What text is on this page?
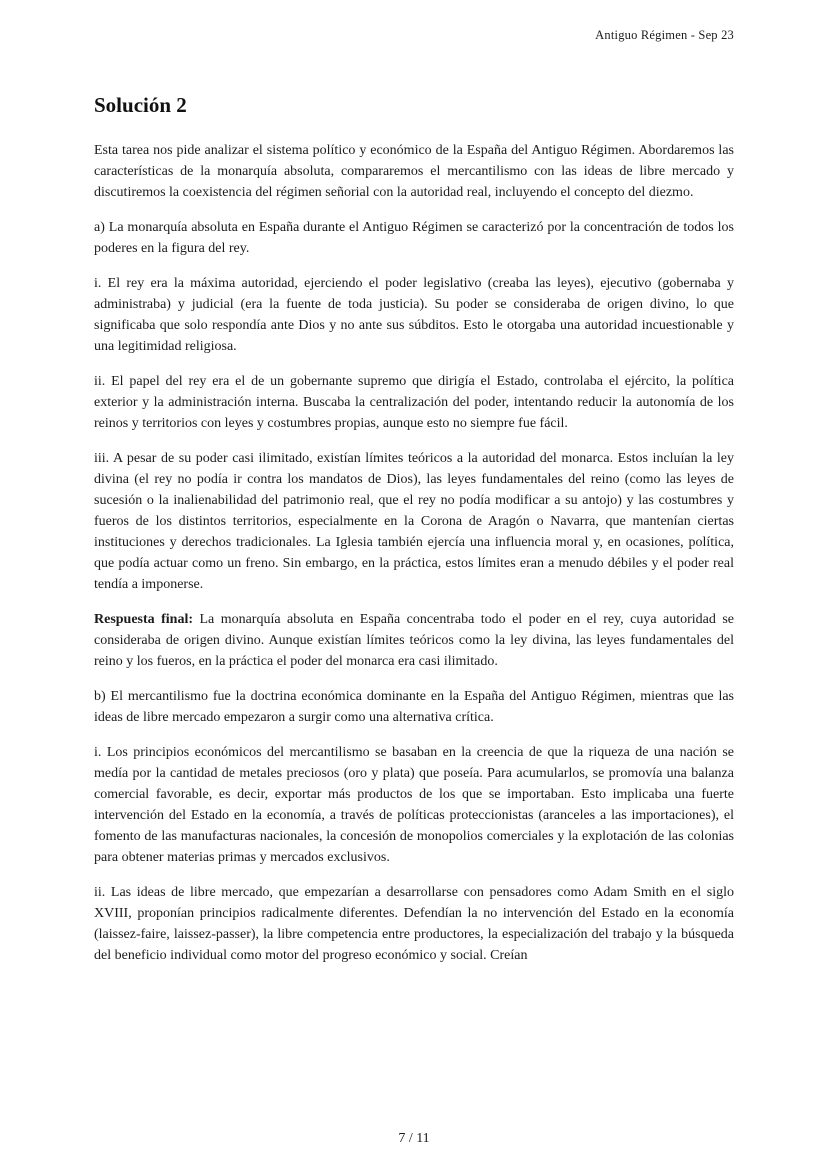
Antiguo Régimen - Sep 23
Solución 2

Esta tarea nos pide analizar el sistema político y económico de la España del Antiguo Régimen. Abordaremos las características de la monarquía absoluta, compararemos el mercantilismo con las ideas de libre mercado y discutiremos la coexistencia del régimen señorial con la autoridad real, incluyendo el concepto del diezmo.

a) La monarquía absoluta en España durante el Antiguo Régimen se caracterizó por la concentración de todos los poderes en la figura del rey.

i. El rey era la máxima autoridad, ejerciendo el poder legislativo (creaba las leyes), ejecutivo (gobernaba y administraba) y judicial (era la fuente de toda justicia). Su poder se consideraba de origen divino, lo que significaba que solo respondía ante Dios y no ante sus súbditos. Esto le otorgaba una autoridad incuestionable y una legitimidad religiosa.

ii. El papel del rey era el de un gobernante supremo que dirigía el Estado, controlaba el ejército, la política exterior y la administración interna. Buscaba la centralización del poder, intentando reducir la autonomía de los reinos y territorios con leyes y costumbres propias, aunque esto no siempre fue fácil.

iii. A pesar de su poder casi ilimitado, existían límites teóricos a la autoridad del monarca. Estos incluían la ley divina (el rey no podía ir contra los mandatos de Dios), las leyes fundamentales del reino (como las leyes de sucesión o la inalienabilidad del patrimonio real, que el rey no podía modificar a su antojo) y las costumbres y fueros de los distintos territorios, especialmente en la Corona de Aragón o Navarra, que mantenían ciertas instituciones y derechos tradicionales. La Iglesia también ejercía una influencia moral y, en ocasiones, política, que podía actuar como un freno. Sin embargo, en la práctica, estos límites eran a menudo débiles y el poder real tendía a imponerse.

Respuesta final: La monarquía absoluta en España concentraba todo el poder en el rey, cuya autoridad se consideraba de origen divino. Aunque existían límites teóricos como la ley divina, las leyes fundamentales del reino y los fueros, en la práctica el poder del monarca era casi ilimitado.

b) El mercantilismo fue la doctrina económica dominante en la España del Antiguo Régimen, mientras que las ideas de libre mercado empezaron a surgir como una alternativa crítica.

i. Los principios económicos del mercantilismo se basaban en la creencia de que la riqueza de una nación se medía por la cantidad de metales preciosos (oro y plata) que poseía. Para acumularlos, se promovía una balanza comercial favorable, es decir, exportar más productos de los que se importaban. Esto implicaba una fuerte intervención del Estado en la economía, a través de políticas proteccionistas (aranceles a las importaciones), el fomento de las manufacturas nacionales, la concesión de monopolios comerciales y la explotación de las colonias para obtener materias primas y mercados exclusivos.

ii. Las ideas de libre mercado, que empezarían a desarrollarse con pensadores como Adam Smith en el siglo XVIII, proponían principios radicalmente diferentes. Defendían la no intervención del Estado en la economía (laissez-faire, laissez-passer), la libre competencia entre productores, la especialización del trabajo y la búsqueda del beneficio individual como motor del progreso económico y social. Creían

7 / 11
